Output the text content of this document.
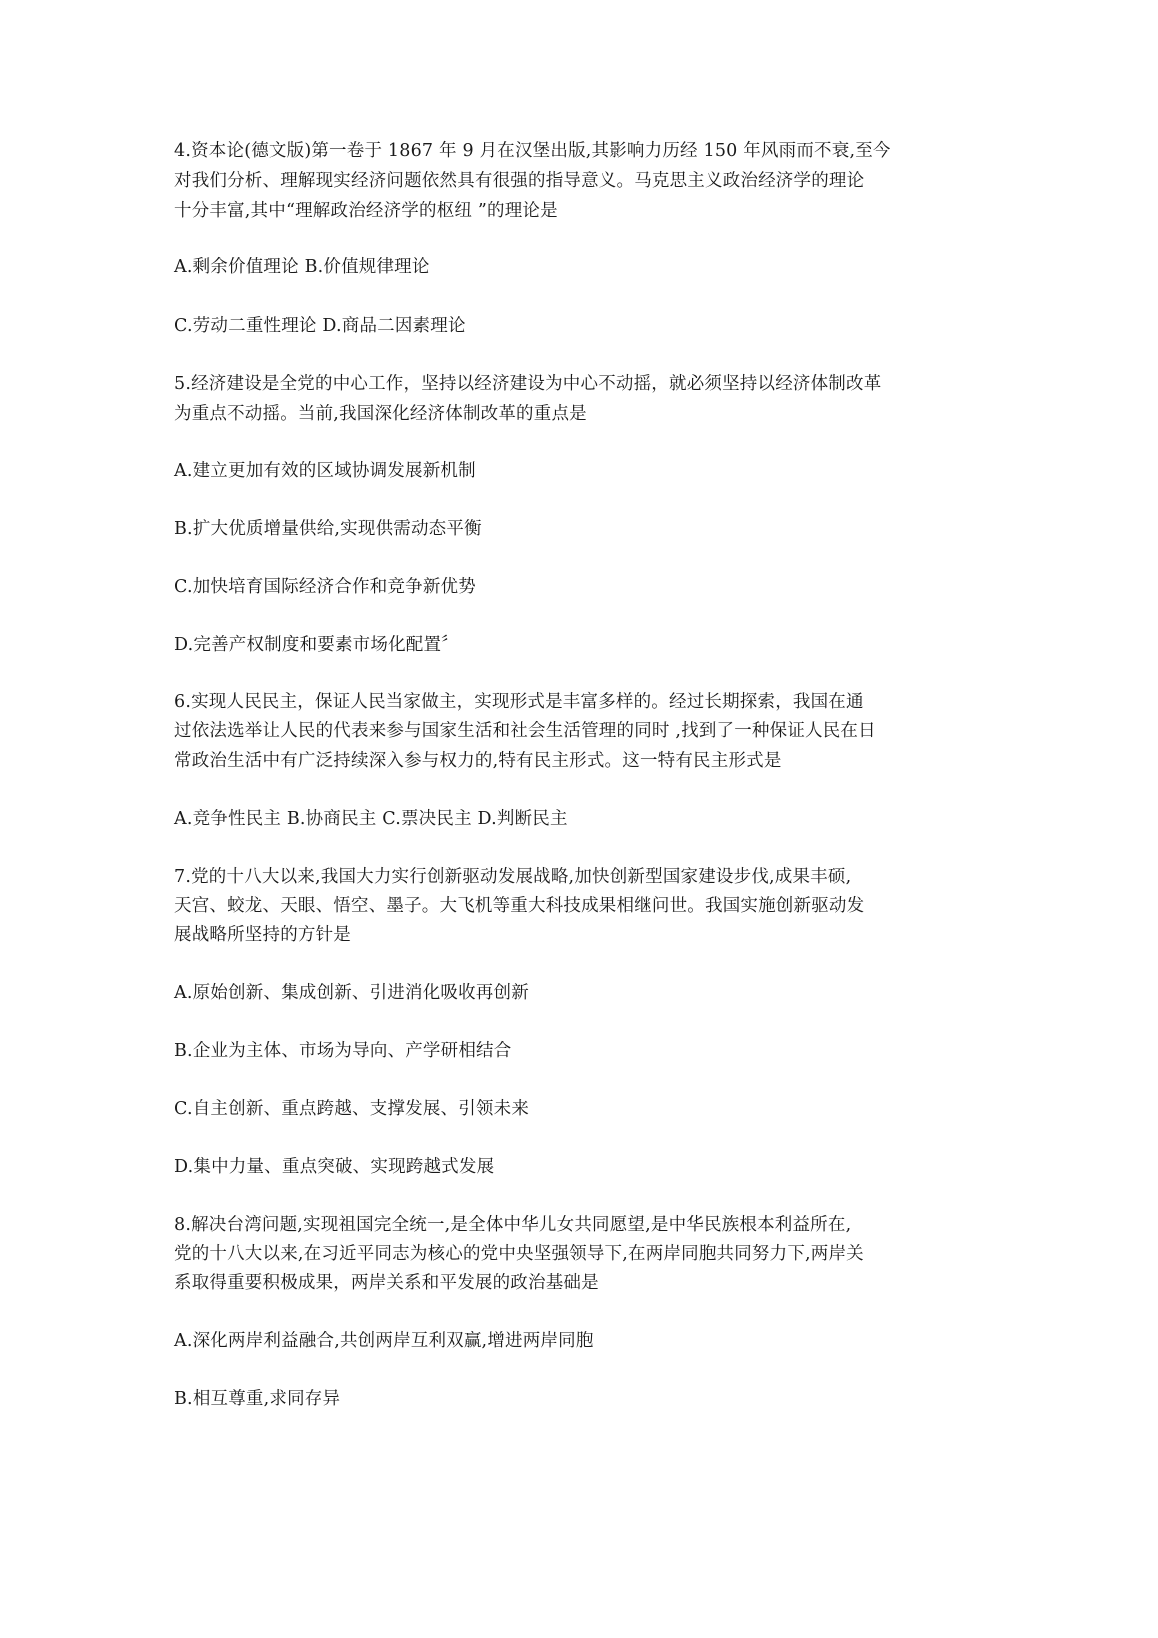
4.资本论(德文版)第一卷于 1867 年 9 月在汉堡出版,其影响力历经 150 年风雨而不衰,至今
对我们分析、理解现实经济问题依然具有很强的指导意义。马克思主义政治经济学的理论
十分丰富,其中“理解政治经济学的枢纽 ”的理论是
A.剩余价值理论 B.价值规律理论
C.劳动二重性理论 D.商品二因素理论
5.经济建设是全党的中心工作，坚持以经济建设为中心不动摇，就必须坚持以经济体制改革
为重点不动摇。当前,我国深化经济体制改革的重点是
A.建立更加有效的区域协调发展新机制
B.扩大优质增量供给,实现供需动态平衡
C.加快培育国际经济合作和竞争新优势
D.完善产权制度和要素市场化配置〞
6.实现人民民主，保证人民当家做主，实现形式是丰富多样的。经过长期探索，我国在通
过依法选举让人民的代表来参与国家生活和社会生活管理的同时 ,找到了一种保证人民在日
常政治生活中有广泛持续深入参与权力的,特有民主形式。这一特有民主形式是
A.竞争性民主 B.协商民主 C.票决民主 D.判断民主
7.党的十八大以来,我国大力实行创新驱动发展战略,加快创新型国家建设步伐,成果丰硕,
天宫、蛟龙、天眼、悟空、墨子。大飞机等重大科技成果相继问世。我国实施创新驱动发
展战略所坚持的方针是
A.原始创新、集成创新、引进消化吸收再创新
B.企业为主体、市场为导向、产学研相结合
C.自主创新、重点跨越、支撑发展、引领未来
D.集中力量、重点突破、实现跨越式发展
8.解决台湾问题,实现祖国完全统一,是全体中华儿女共同愿望,是中华民族根本利益所在,
党的十八大以来,在习近平同志为核心的党中央坚强领导下,在两岸同胞共同努力下,两岸关
系取得重要积极成果，两岸关系和平发展的政治基础是
A.深化两岸利益融合,共创两岸互利双赢,增进两岸同胞
B.相互尊重,求同存异
